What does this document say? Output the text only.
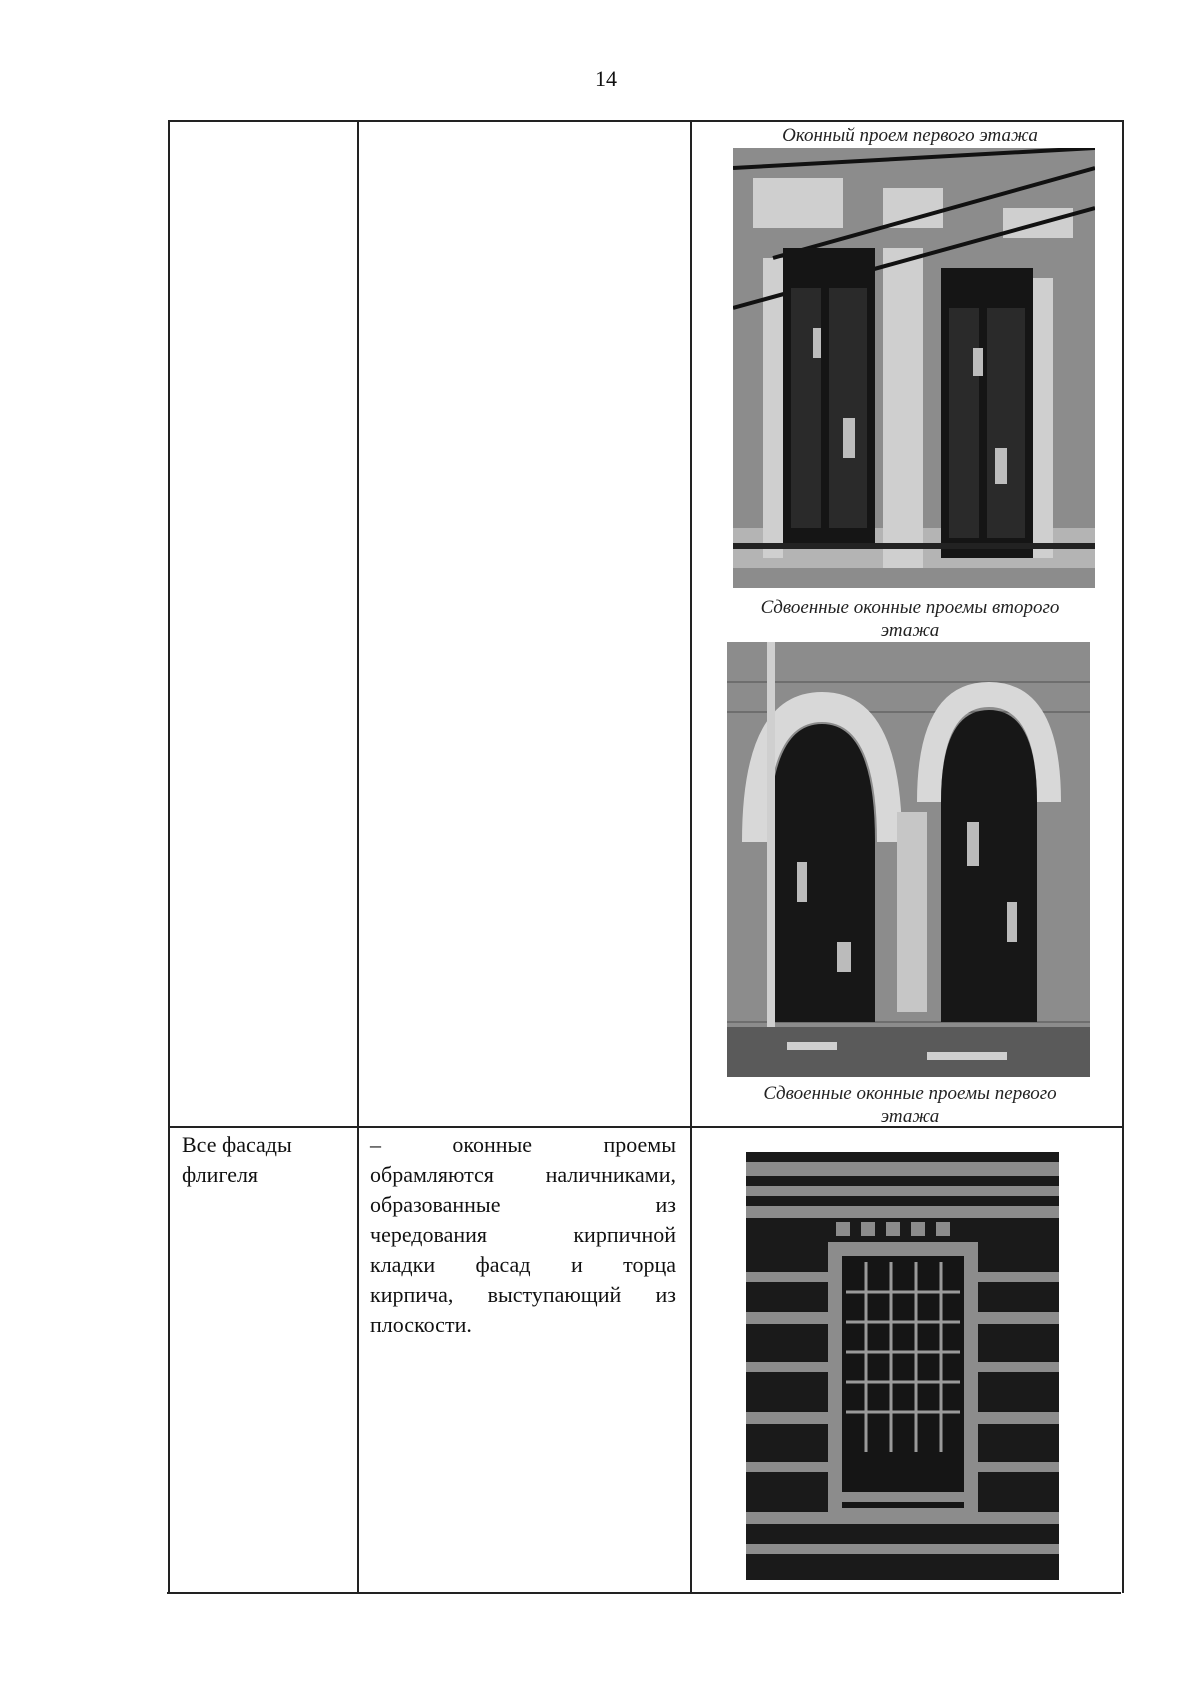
14
Оконный проем первого этажа
Сдвоенные оконные проемы второго
этажа
Сдвоенные оконные проемы первого
этажа
Все фасады
флигеля
– оконные проемы
обрамляются наличниками,
образованные из
чередования кирпичной
кладки фасад и торца
кирпича, выступающий из
плоскости.
